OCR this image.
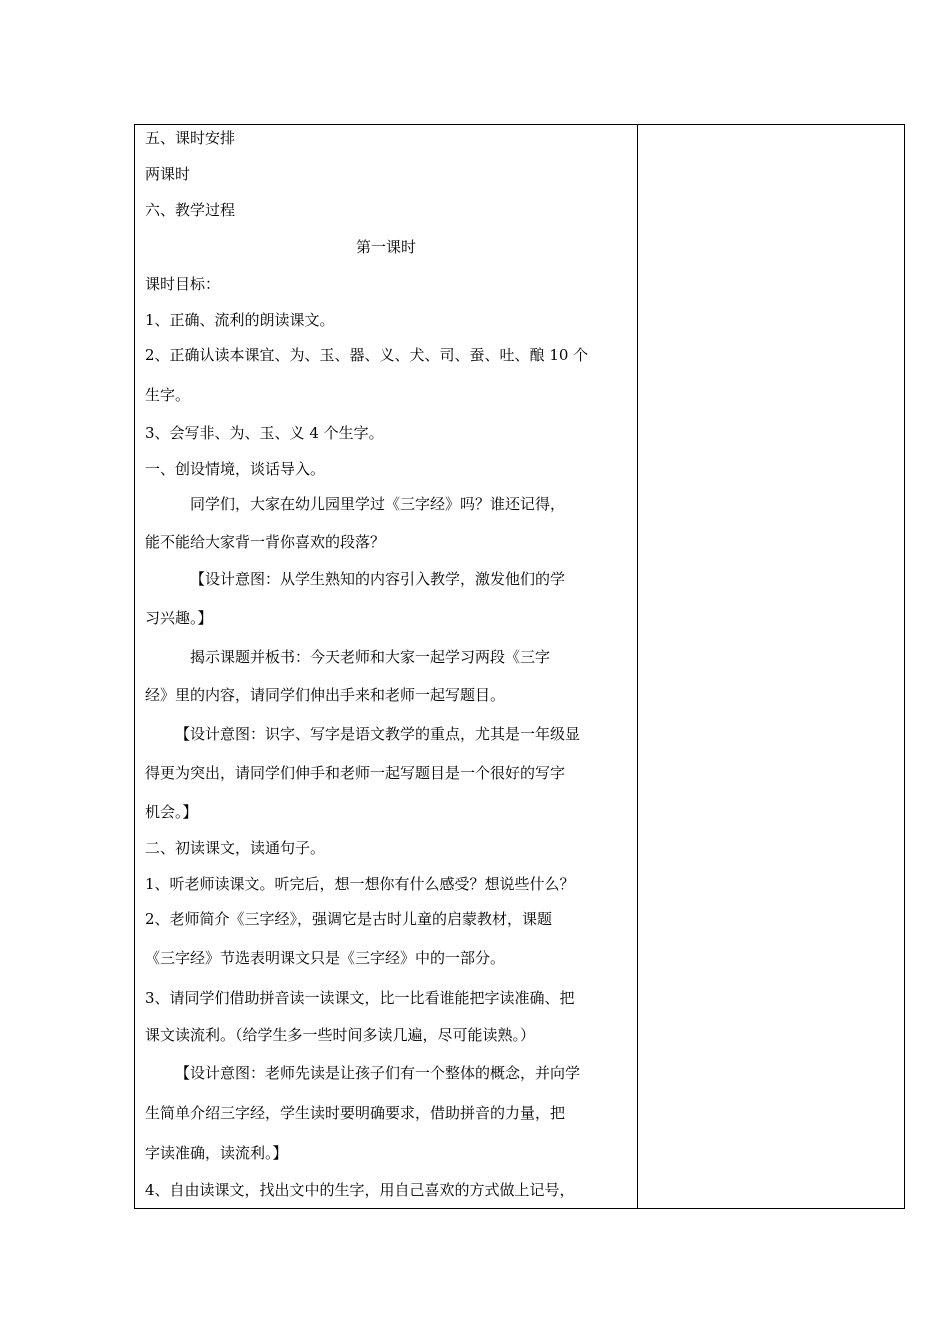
五、课时安排
两课时
六、教学过程
第一课时
课时目标：
1、正确、流利的朗读课文。
2、正确认读本课宜、为、玉、器、义、犬、司、蚕、吐、酿 10 个
生字。
3、会写非、为、玉、义 4 个生字。
一、创设情境，谈话导入。
同学们，大家在幼儿园里学过《三字经》吗？谁还记得，
能不能给大家背一背你喜欢的段落？
【设计意图：从学生熟知的内容引入教学，激发他们的学
习兴趣。】
揭示课题并板书：今天老师和大家一起学习两段《三字
经》里的内容，请同学们伸出手来和老师一起写题目。
【设计意图：识字、写字是语文教学的重点，尤其是一年级显
得更为突出，请同学们伸手和老师一起写题目是一个很好的写字
机会。】
二、初读课文，读通句子。
1、听老师读课文。听完后，想一想你有什么感受？想说些什么？
2、老师简介《三字经》，强调它是古时儿童的启蒙教材，课题
《三字经》节选表明课文只是《三字经》中的一部分。
3、请同学们借助拼音读一读课文，比一比看谁能把字读准确、把
课文读流利。（给学生多一些时间多读几遍，尽可能读熟。）
【设计意图：老师先读是让孩子们有一个整体的概念，并向学
生简单介绍三字经，学生读时要明确要求，借助拼音的力量，把
字读准确，读流利。】
4、自由读课文，找出文中的生字，用自己喜欢的方式做上记号，
